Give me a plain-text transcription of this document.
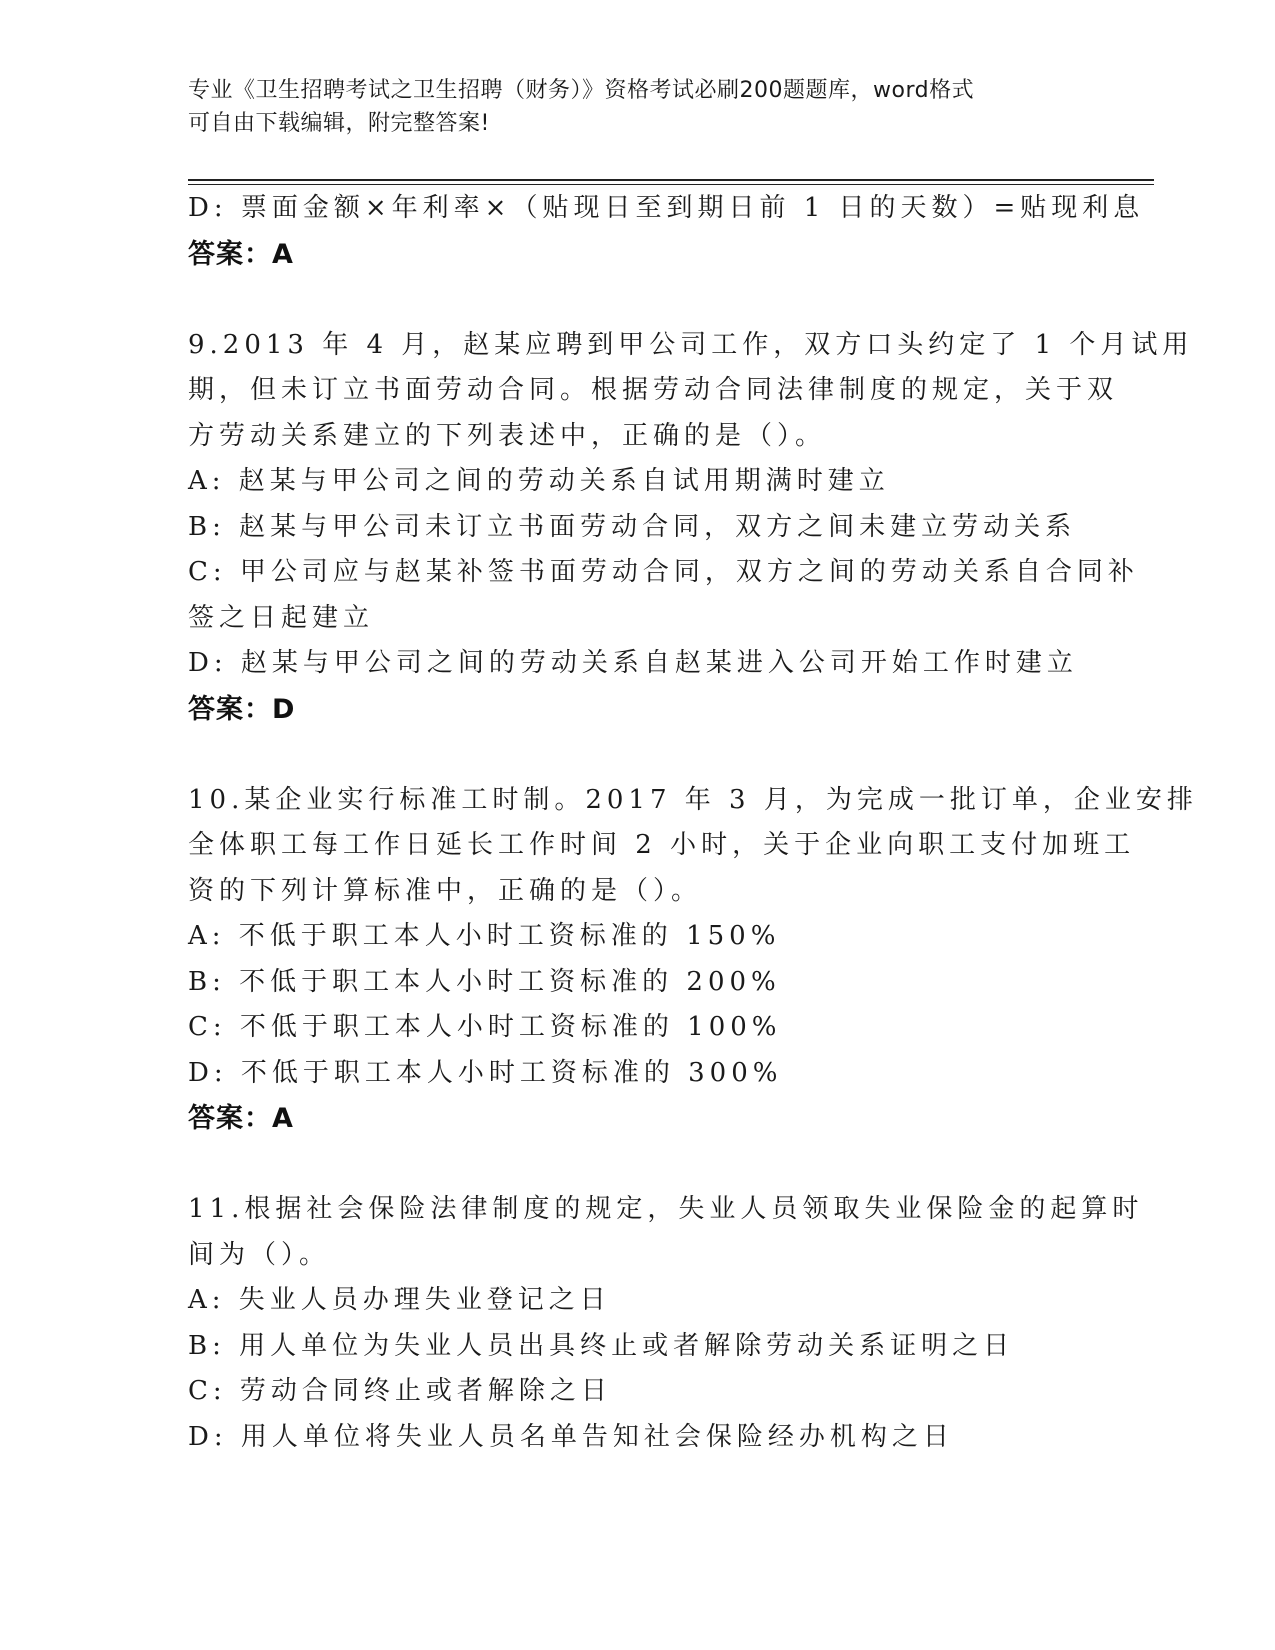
专业《卫生招聘考试之卫生招聘（财务）》资格考试必刷200题题库，word格式
可自由下载编辑，附完整答案!
D: 票面金额×年利率×（贴现日至到期日前 1 日的天数）=贴现利息
答案：A
9.2013 年 4 月，赵某应聘到甲公司工作，双方口头约定了 1 个月试用
期，但未订立书面劳动合同。根据劳动合同法律制度的规定，关于双
方劳动关系建立的下列表述中，正确的是（）。
A: 赵某与甲公司之间的劳动关系自试用期满时建立
B: 赵某与甲公司未订立书面劳动合同，双方之间未建立劳动关系
C: 甲公司应与赵某补签书面劳动合同，双方之间的劳动关系自合同补
签之日起建立
D: 赵某与甲公司之间的劳动关系自赵某进入公司开始工作时建立
答案：D
10.某企业实行标准工时制。2017 年 3 月，为完成一批订单，企业安排
全体职工每工作日延长工作时间 2 小时，关于企业向职工支付加班工
资的下列计算标准中，正确的是（）。
A: 不低于职工本人小时工资标准的 150%
B: 不低于职工本人小时工资标准的 200%
C: 不低于职工本人小时工资标准的 100%
D: 不低于职工本人小时工资标准的 300%
答案：A
11.根据社会保险法律制度的规定，失业人员领取失业保险金的起算时
间为（）。
A: 失业人员办理失业登记之日
B: 用人单位为失业人员出具终止或者解除劳动关系证明之日
C: 劳动合同终止或者解除之日
D: 用人单位将失业人员名单告知社会保险经办机构之日
